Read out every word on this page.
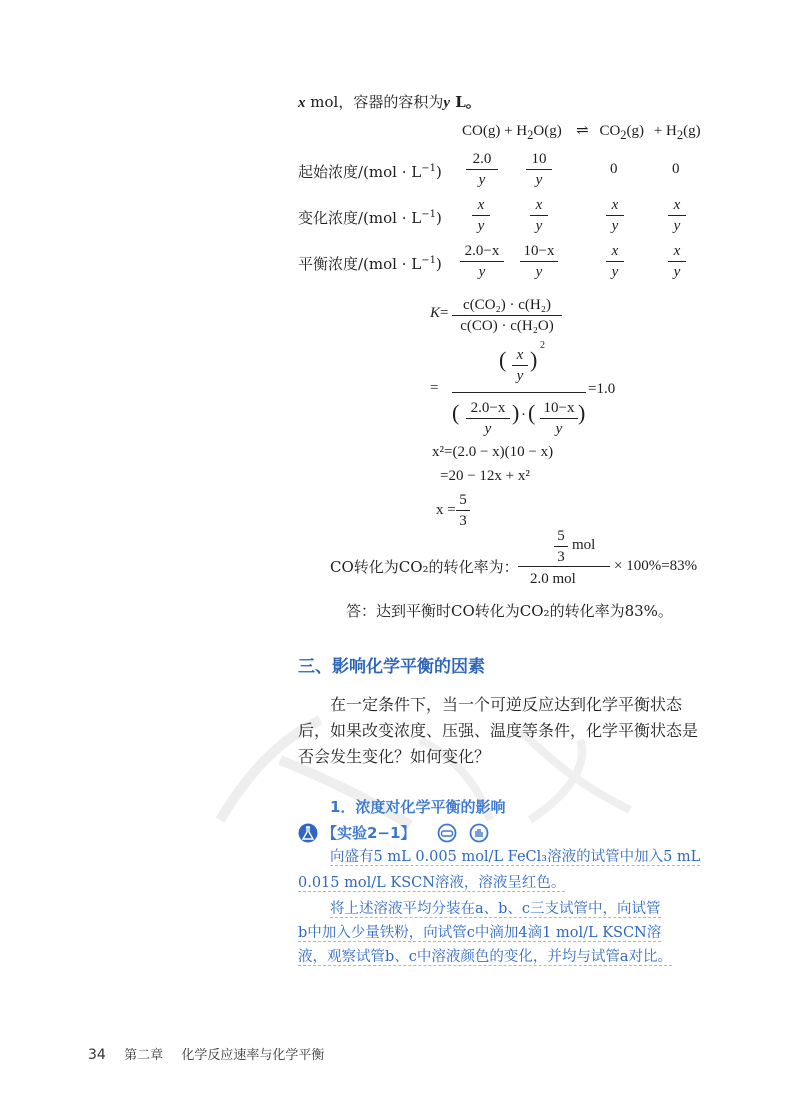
x mol，容器的容积为y L。
$CO(g) + H_2O(g)$ ⇌ $CO_2(g) + H_2(g)$
起始浓度$/(mol \cdot L^{-1})$
2.0
y
10
y
0	0
变化浓度$/(mol \cdot L^{-1})$
x
y
x
y
x
y
x
y
平衡浓度$/(mol \cdot L^{-1})$
2.0−x
y
10−x
y
x
y
x
y
K= c(CO₂) · c(H₂)
c(CO) · c(H₂O)
=
( x
y
)
2
=1.0
( 2.0−x
y
) · ( 10−x
y
)
x²=(2.0 − x)(10 − x)
=20 − 12x + x²
x =
5
3
CO转化为CO₂的转化率为：
5
3
mol
2.0 mol
× 100%=83%
答：达到平衡时CO转化为CO₂的转化率为83%。
三、影响化学平衡的因素
在一定条件下，当一个可逆反应达到化学平衡状态
后，如果改变浓度、压强、温度等条件，化学平衡状态是
否会发生变化？如何变化？
1．浓度对化学平衡的影响
【实验2−1】
向盛有5 mL 0.005 mol/L FeCl₃溶液的试管中加入5 mL
0.015 mol/L KSCN溶液，溶液呈红色。
将上述溶液平均分装在a、b、c三支试管中，向试管
b中加入少量铁粉，向试管c中滴加4滴1 mol/L KSCN溶
液，观察试管b、c中溶液颜色的变化，并均与试管a对比。
34 第二章 化学反应速率与化学平衡
